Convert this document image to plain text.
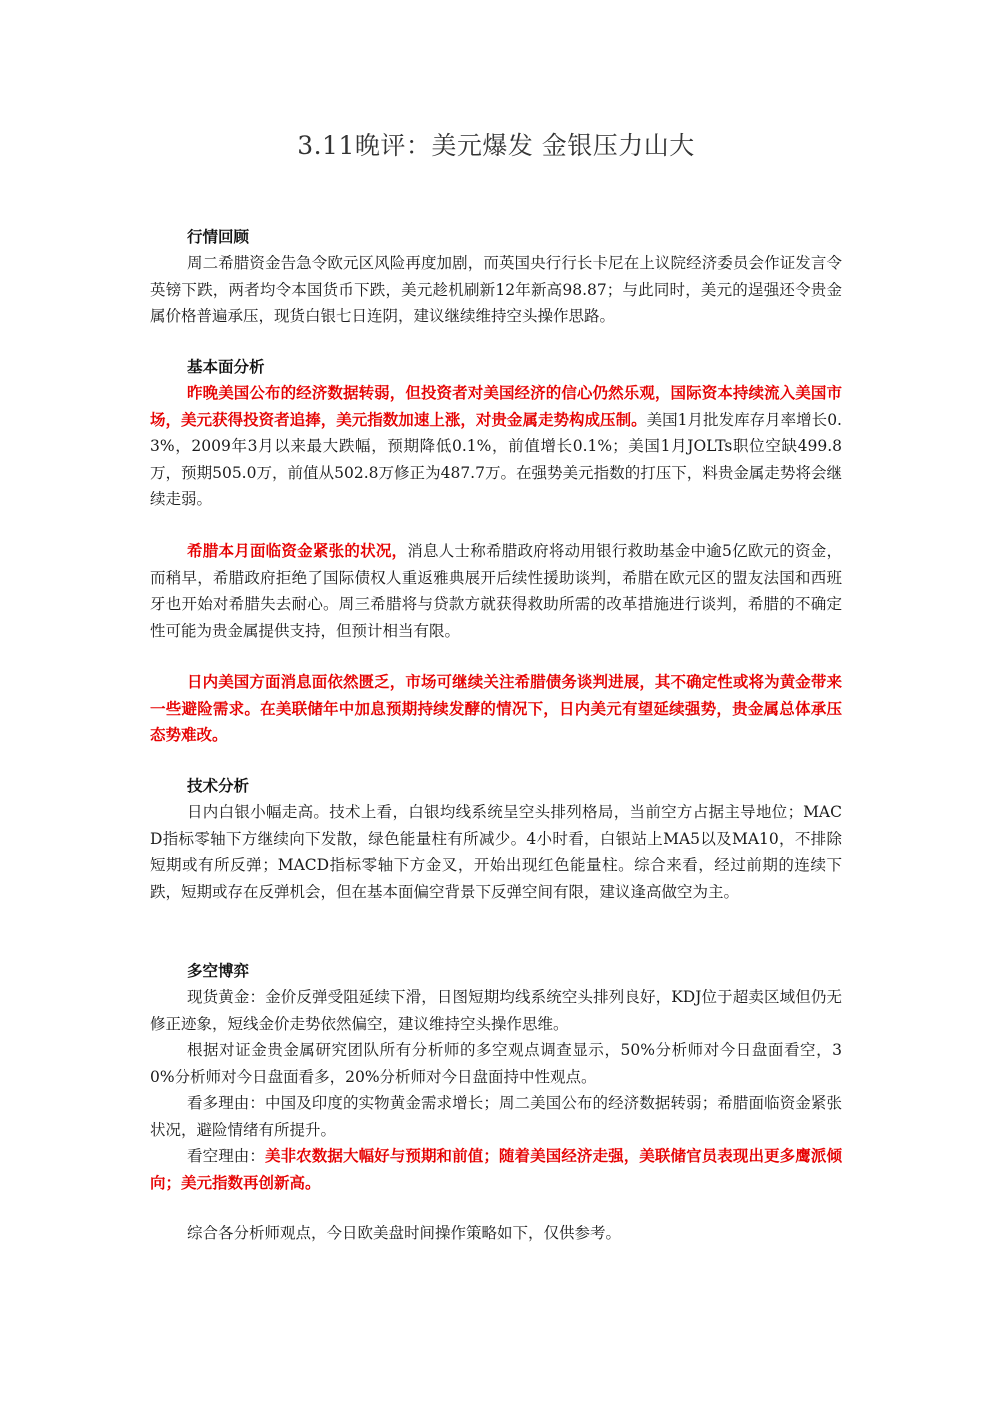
3.11晚评：美元爆发 金银压力山大
行情回顾
周二希腊资金告急令欧元区风险再度加剧，而英国央行行长卡尼在上议院经济委员会作证发言令英镑下跌，两者均令本国货币下跌，美元趁机刷新12年新高98.87；与此同时，美元的逞强还令贵金属价格普遍承压，现货白银七日连阴，建议继续维持空头操作思路。
基本面分析
昨晚美国公布的经济数据转弱，但投资者对美国经济的信心仍然乐观，国际资本持续流入美国市场，美元获得投资者追捧，美元指数加速上涨，对贵金属走势构成压制。美国1月批发库存月率增长0.3%，2009年3月以来最大跌幅，预期降低0.1%，前值增长0.1%；美国1月JOLTs职位空缺499.8万，预期505.0万，前值从502.8万修正为487.7万。在强势美元指数的打压下，料贵金属走势将会继续走弱。
希腊本月面临资金紧张的状况，消息人士称希腊政府将动用银行救助基金中逾5亿欧元的资金，而稍早，希腊政府拒绝了国际债权人重返雅典展开后续性援助谈判，希腊在欧元区的盟友法国和西班牙也开始对希腊失去耐心。周三希腊将与贷款方就获得救助所需的改革措施进行谈判，希腊的不确定性可能为贵金属提供支持，但预计相当有限。
日内美国方面消息面依然匮乏，市场可继续关注希腊债务谈判进展，其不确定性或将为黄金带来一些避险需求。在美联储年中加息预期持续发酵的情况下，日内美元有望延续强势，贵金属总体承压态势难改。
技术分析
日内白银小幅走高。技术上看，白银均线系统呈空头排列格局，当前空方占据主导地位；MACD指标零轴下方继续向下发散，绿色能量柱有所减少。4小时看，白银站上MA5以及MA10，不排除短期或有所反弹；MACD指标零轴下方金叉，开始出现红色能量柱。综合来看，经过前期的连续下跌，短期或存在反弹机会，但在基本面偏空背景下反弹空间有限，建议逢高做空为主。
多空博弈
现货黄金：金价反弹受阻延续下滑，日图短期均线系统空头排列良好，KDJ位于超卖区域但仍无修正迹象，短线金价走势依然偏空，建议维持空头操作思维。
根据对证金贵金属研究团队所有分析师的多空观点调查显示，50%分析师对今日盘面看空，30%分析师对今日盘面看多，20%分析师对今日盘面持中性观点。
看多理由：中国及印度的实物黄金需求增长；周二美国公布的经济数据转弱；希腊面临资金紧张状况，避险情绪有所提升。
看空理由：美非农数据大幅好与预期和前值；随着美国经济走强，美联储官员表现出更多鹰派倾向；美元指数再创新高。
综合各分析师观点，今日欧美盘时间操作策略如下，仅供参考。
